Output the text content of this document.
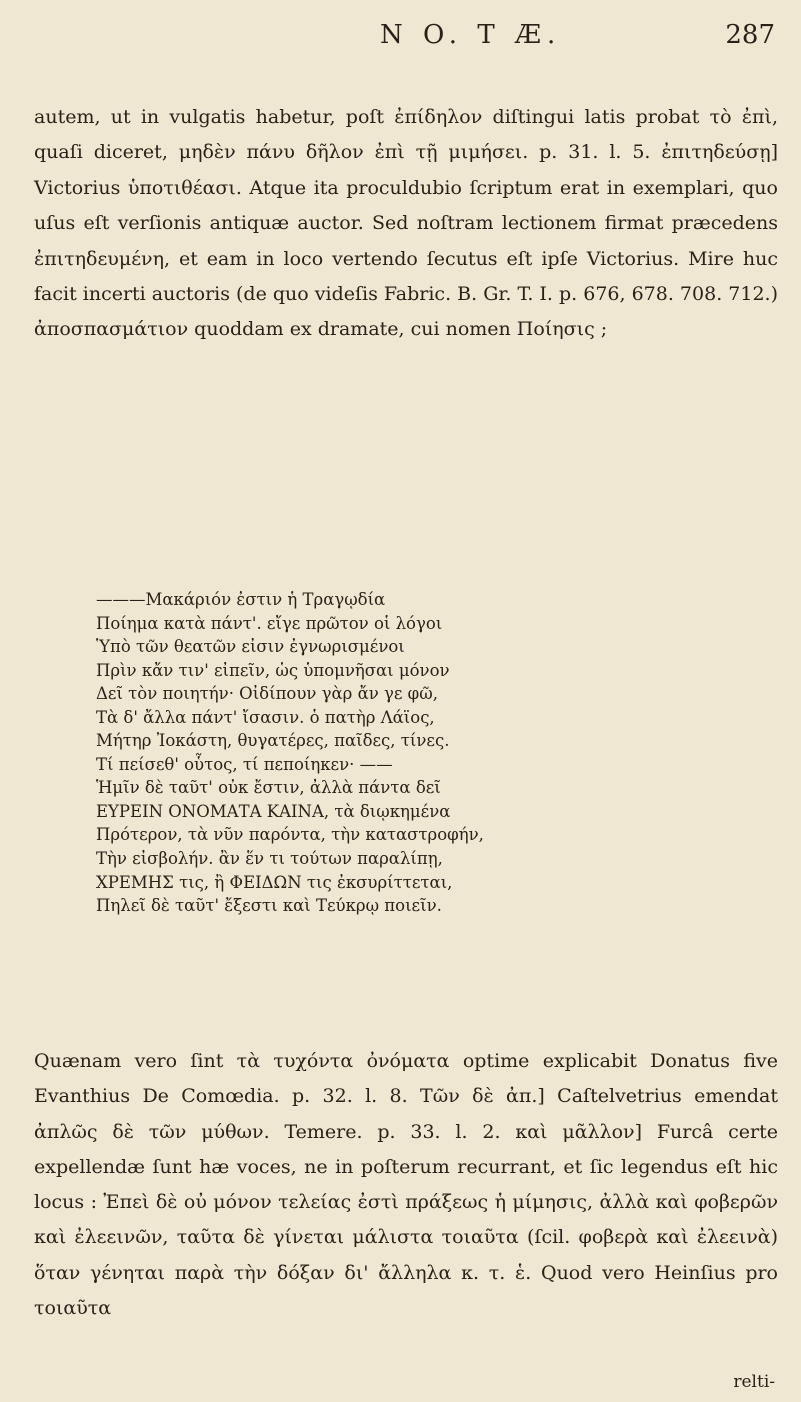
N O. T Æ.	287

autem, ut in vulgatis habetur, poſt ἐπίδηλον diſtingui latis probat τὸ ἐπὶ, quaſi diceret, μηδὲν πάνυ δῆλον ἐπὶ τῇ μιμήσει. p. 31. l. 5. ἐπιτηδεύσῃ] Victorius ὑποτιθέασι. Atque ita proculdubio ſcriptum erat in exemplari, quo uſus eſt verſionis antiquæ auctor. Sed noſtram lectionem firmat præcedens ἐπιτηδευμένη, et eam in loco vertendo ſecutus eſt ipſe Victorius. Mire huc facit incerti auctoris (de quo videſis Fabric. B. Gr. T. I. p. 676, 678. 708. 712.) ἀποσπασμάτιον quoddam ex dramate, cui nomen Ποίησις ;

———Μακάριόν ἐστιν ἡ Τραγῳδία
Ποίημα κατὰ πάντ'. εἴγε πρῶτον οἱ λόγοι
Ὑπὸ τῶν θεατῶν εἰσιν ἐγνωρισμένοι
Πρὶν κἄν τιν' εἰπεῖν, ὡς ὑπομνῆσαι μόνον
Δεῖ τὸν ποιητήν· Οἰδίπουν γὰρ ἄν γε φῶ,
Τὰ δ' ἄλλα πάντ' ἴσασιν. ὁ πατὴρ Λάϊος,
Μήτηρ Ἰοκάστη, θυγατέρες, παῖδες, τίνες.
Τί πείσεθ' οὗτος, τί πεποίηκεν· ——
Ἡμῖν δὲ ταῦτ' οὐκ ἔστιν, ἀλλὰ πάντα δεῖ
ΕΥΡΕΙΝ ΟΝΟΜΑΤΑ ΚΑΙΝΑ, τὰ διῳκημένα
Πρότερον, τὰ νῦν παρόντα, τὴν καταστροφήν,
Τὴν εἰσβολήν. ἂν ἕν τι τούτων παραλίπῃ,
ΧΡΕΜΗΣ τις, ἢ ΦΕΙΔΩΝ τις ἐκσυρίττεται,
Πηλεῖ δὲ ταῦτ' ἔξεστι καὶ Τεύκρῳ ποιεῖν.

Quænam vero ſint τὰ τυχόντα ὀνόματα optime explicabit Donatus five Evanthius De Comœdia. p. 32. l. 8. Τῶν δὲ ἀπ.] Caſtelvetrius emendat ἀπλῶς δὲ τῶν μύθων. Temere. p. 33. l. 2. καὶ μᾶλλον] Furcâ certe expellendæ ſunt hæ voces, ne in poſterum recurrant, et ſic legendus eſt hic locus : Ἐπεὶ δὲ οὐ μόνον τελείας ἐστὶ πράξεως ἡ μίμησις, ἀλλὰ καὶ φοβερῶν καὶ ἐλεεινῶν, ταῦτα δὲ γίνεται μάλιστα τοιαῦτα (ſcil. φοβερὰ καὶ ἐλεεινὰ) ὅταν γένηται παρὰ τὴν δόξαν δι' ἄλληλα κ. τ. ἑ. Quod vero Heinſius pro τοιαῦτα

relti-
